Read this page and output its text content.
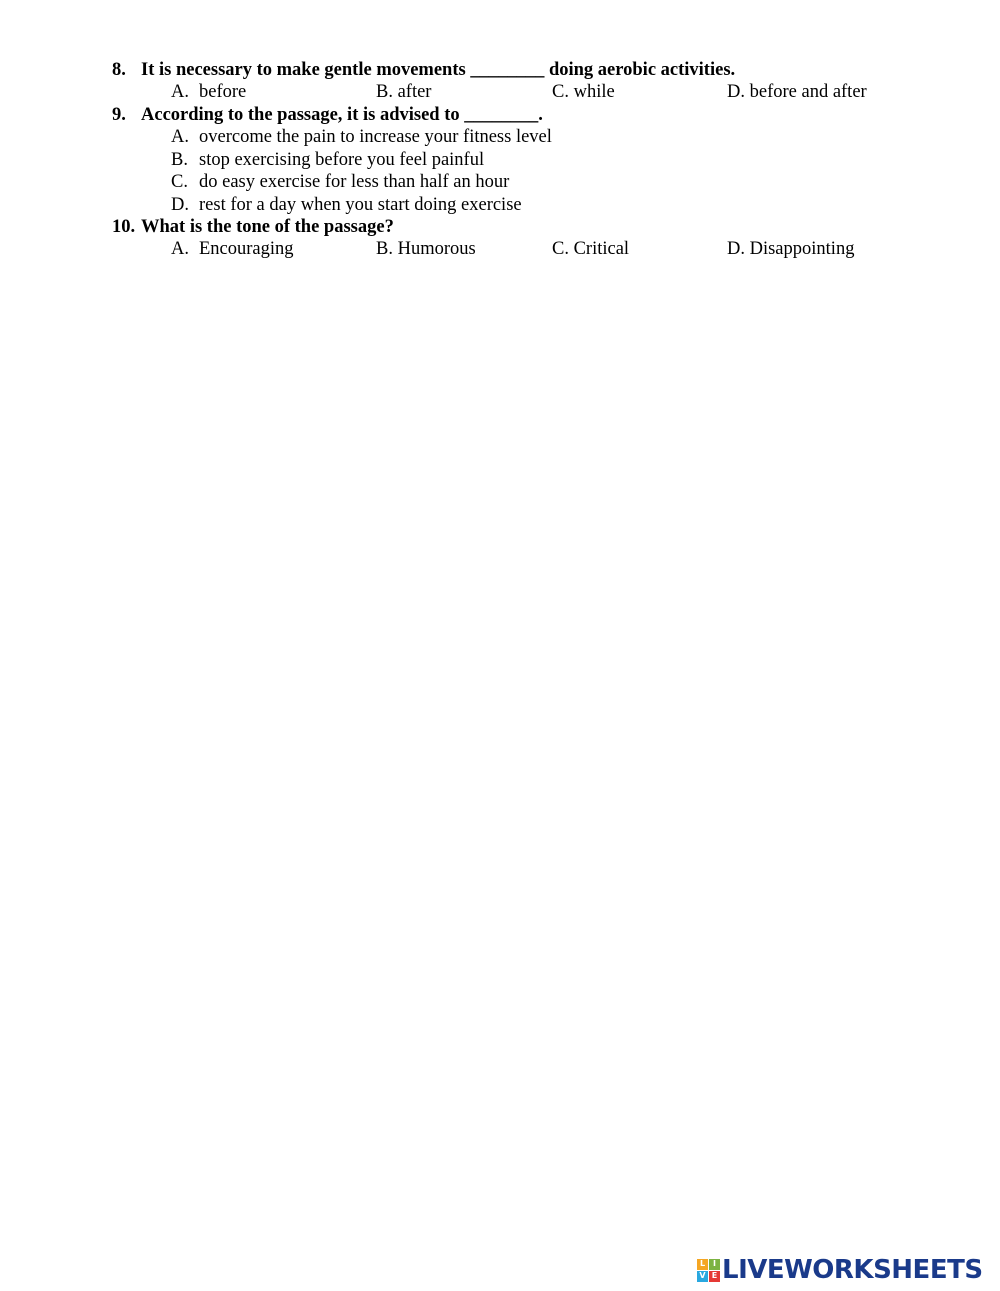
8. It is necessary to make gentle movements ________ doing aerobic activities.
A. before	B. after	C. while	D. before and after
9. According to the passage, it is advised to ________.
A. overcome the pain to increase your fitness level
B. stop exercising before you feel painful
C. do easy exercise for less than half an hour
D. rest for a day when you start doing exercise
10. What is the tone of the passage?
A. Encouraging	B. Humorous	C. Critical	D. Disappointing
L I
V E LIVEWORKSHEETS
